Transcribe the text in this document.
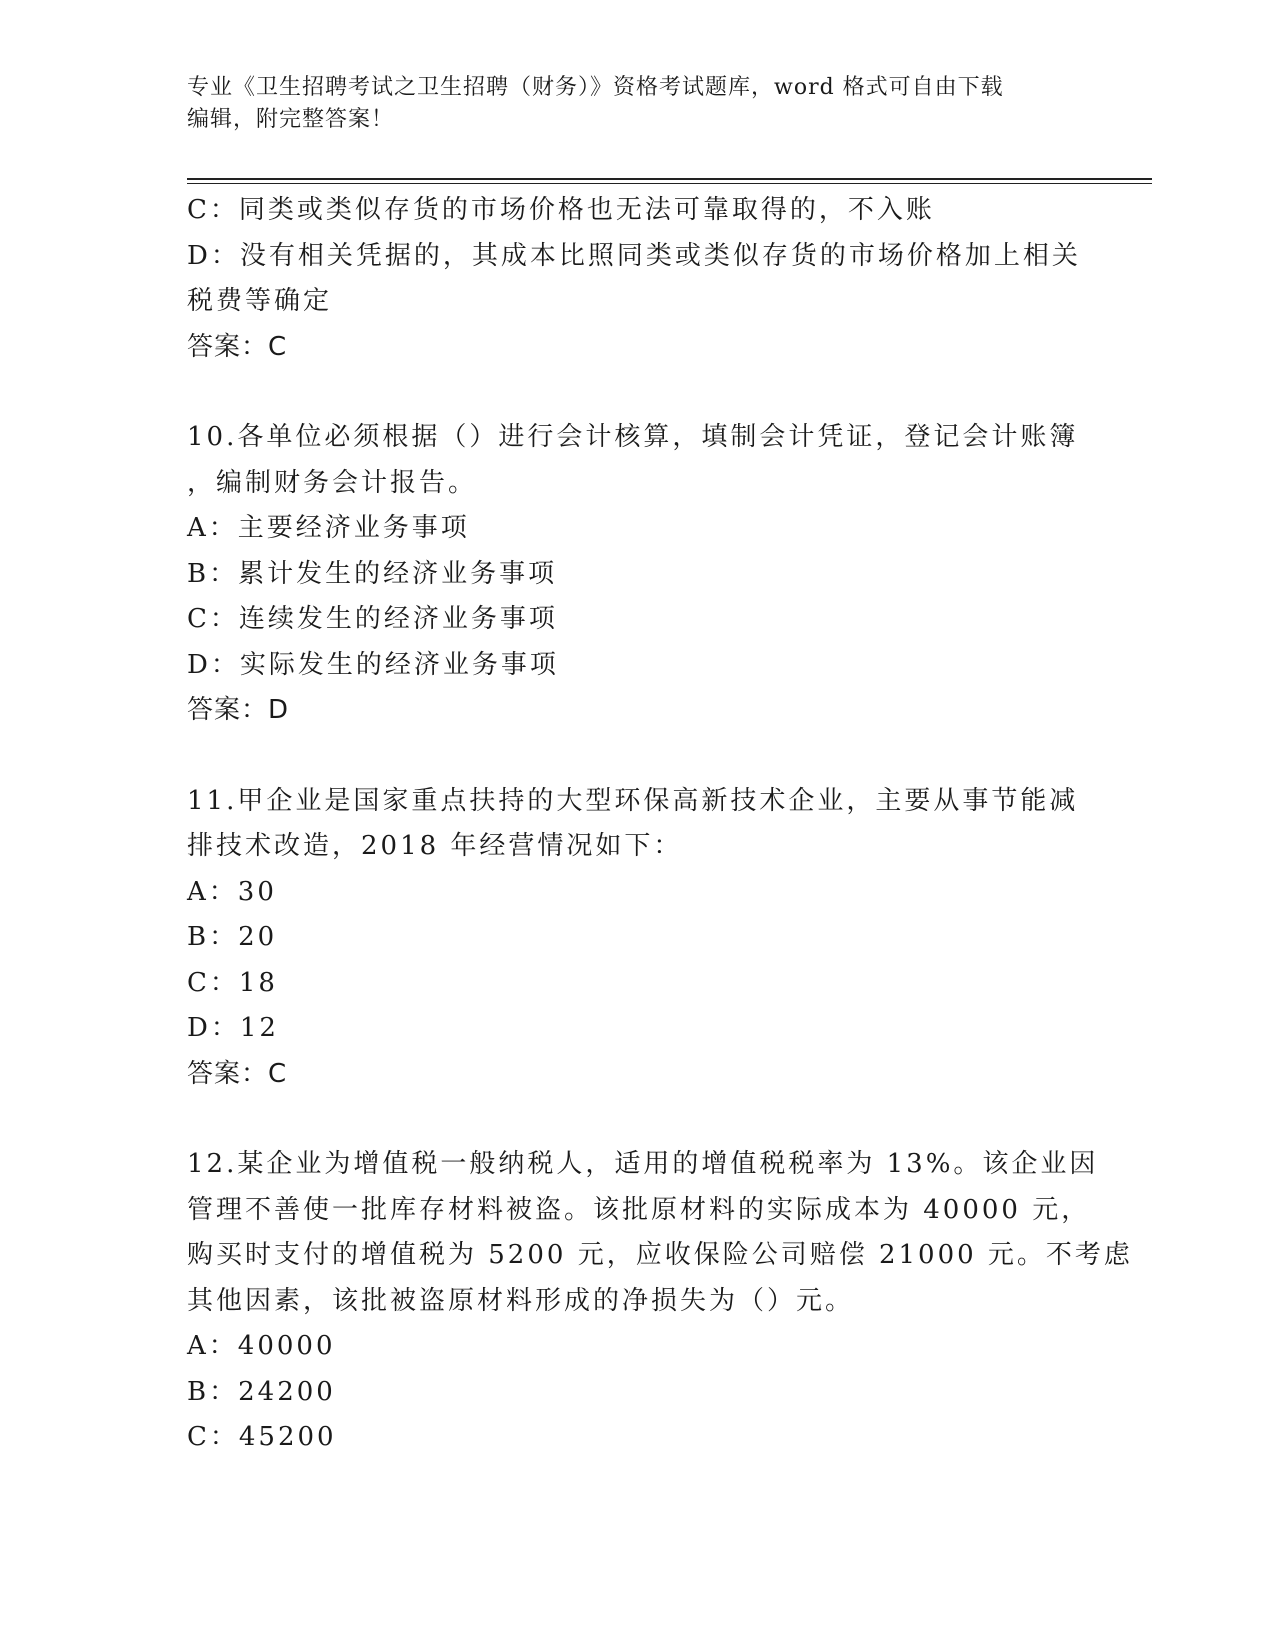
专业《卫生招聘考试之卫生招聘（财务）》资格考试题库，word 格式可自由下载
编辑，附完整答案！
C：同类或类似存货的市场价格也无法可靠取得的，不入账
D：没有相关凭据的，其成本比照同类或类似存货的市场价格加上相关
税费等确定
答案：C
10.各单位必须根据（）进行会计核算，填制会计凭证，登记会计账簿
，编制财务会计报告。
A：主要经济业务事项
B：累计发生的经济业务事项
C：连续发生的经济业务事项
D：实际发生的经济业务事项
答案：D
11.甲企业是国家重点扶持的大型环保高新技术企业，主要从事节能减
排技术改造，2018 年经营情况如下：
A：30
B：20
C：18
D：12
答案：C
12.某企业为增值税一般纳税人，适用的增值税税率为 13%。该企业因
管理不善使一批库存材料被盗。该批原材料的实际成本为 40000 元，
购买时支付的增值税为 5200 元，应收保险公司赔偿 21000 元。不考虑
其他因素，该批被盗原材料形成的净损失为（）元。
A：40000
B：24200
C：45200
